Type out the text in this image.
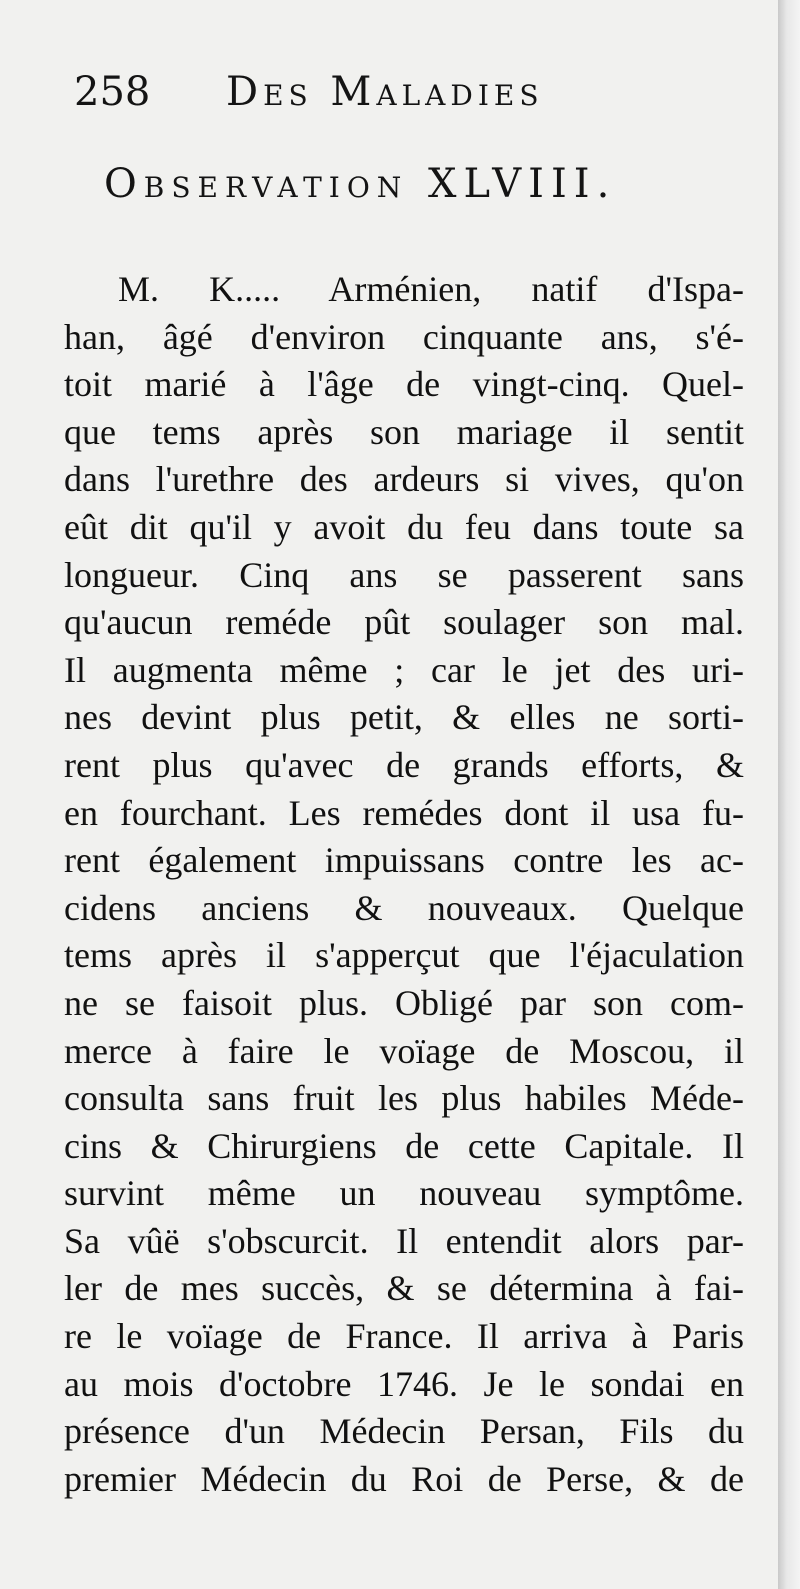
258 Des Maladies
Observation XLVIII.
M. K..... Arménien, natif d'Ispa-
han, âgé d'environ cinquante ans, s'é-
toit marié à l'âge de vingt-cinq. Quel-
que tems après son mariage il sentit
dans l'urethre des ardeurs si vives, qu'on
eût dit qu'il y avoit du feu dans toute sa
longueur. Cinq ans se passerent sans
qu'aucun reméde pût soulager son mal.
Il augmenta même ; car le jet des uri-
nes devint plus petit, & elles ne sorti-
rent plus qu'avec de grands efforts, &
en fourchant. Les remédes dont il usa fu-
rent également impuissans contre les ac-
cidens anciens & nouveaux. Quelque
tems après il s'apperçut que l'éjaculation
ne se faisoit plus. Obligé par son com-
merce à faire le voïage de Moscou, il
consulta sans fruit les plus habiles Méde-
cins & Chirurgiens de cette Capitale. Il
survint même un nouveau symptôme.
Sa vûë s'obscurcit. Il entendit alors par-
ler de mes succès, & se détermina à fai-
re le voïage de France. Il arriva à Paris
au mois d'octobre 1746. Je le sondai en
présence d'un Médecin Persan, Fils du
premier Médecin du Roi de Perse, & de
